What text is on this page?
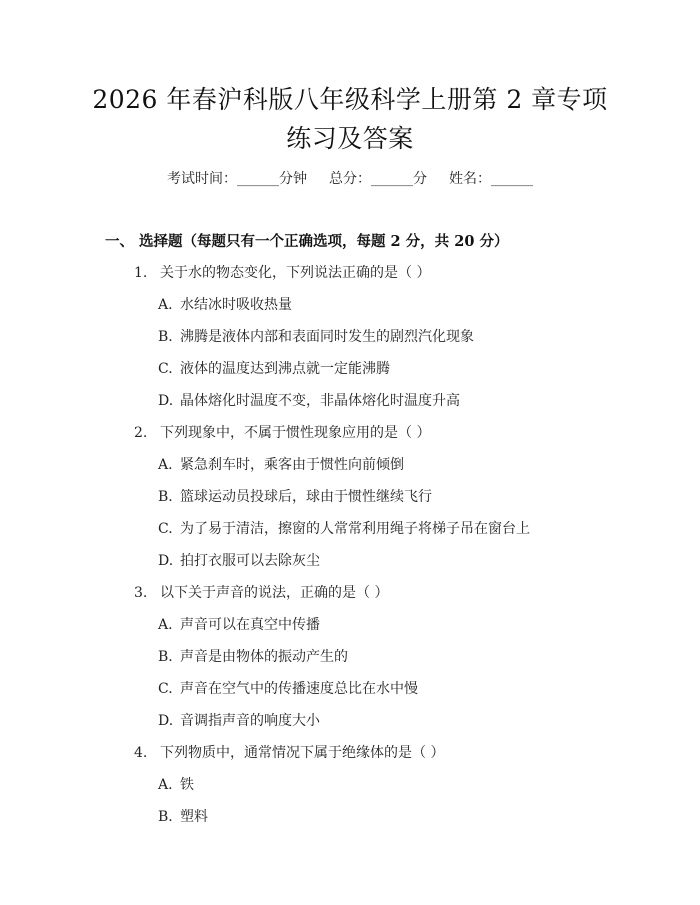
2026 年春沪科版八年级科学上册第 2 章专项
练习及答案
考试时间：______分钟 总分：______分 姓名：______
一、 选择题（每题只有一个正确选项，每题 2 分，共 20 分）
1. 关于水的物态变化，下列说法正确的是（ ）
A. 水结冰时吸收热量
B. 沸腾是液体内部和表面同时发生的剧烈汽化现象
C. 液体的温度达到沸点就一定能沸腾
D. 晶体熔化时温度不变，非晶体熔化时温度升高
2. 下列现象中，不属于惯性现象应用的是（ ）
A. 紧急刹车时，乘客由于惯性向前倾倒
B. 篮球运动员投球后，球由于惯性继续飞行
C. 为了易于清洁，擦窗的人常常利用绳子将梯子吊在窗台上
D. 拍打衣服可以去除灰尘
3. 以下关于声音的说法，正确的是（ ）
A. 声音可以在真空中传播
B. 声音是由物体的振动产生的
C. 声音在空气中的传播速度总比在水中慢
D. 音调指声音的响度大小
4. 下列物质中，通常情况下属于绝缘体的是（ ）
A. 铁
B. 塑料
